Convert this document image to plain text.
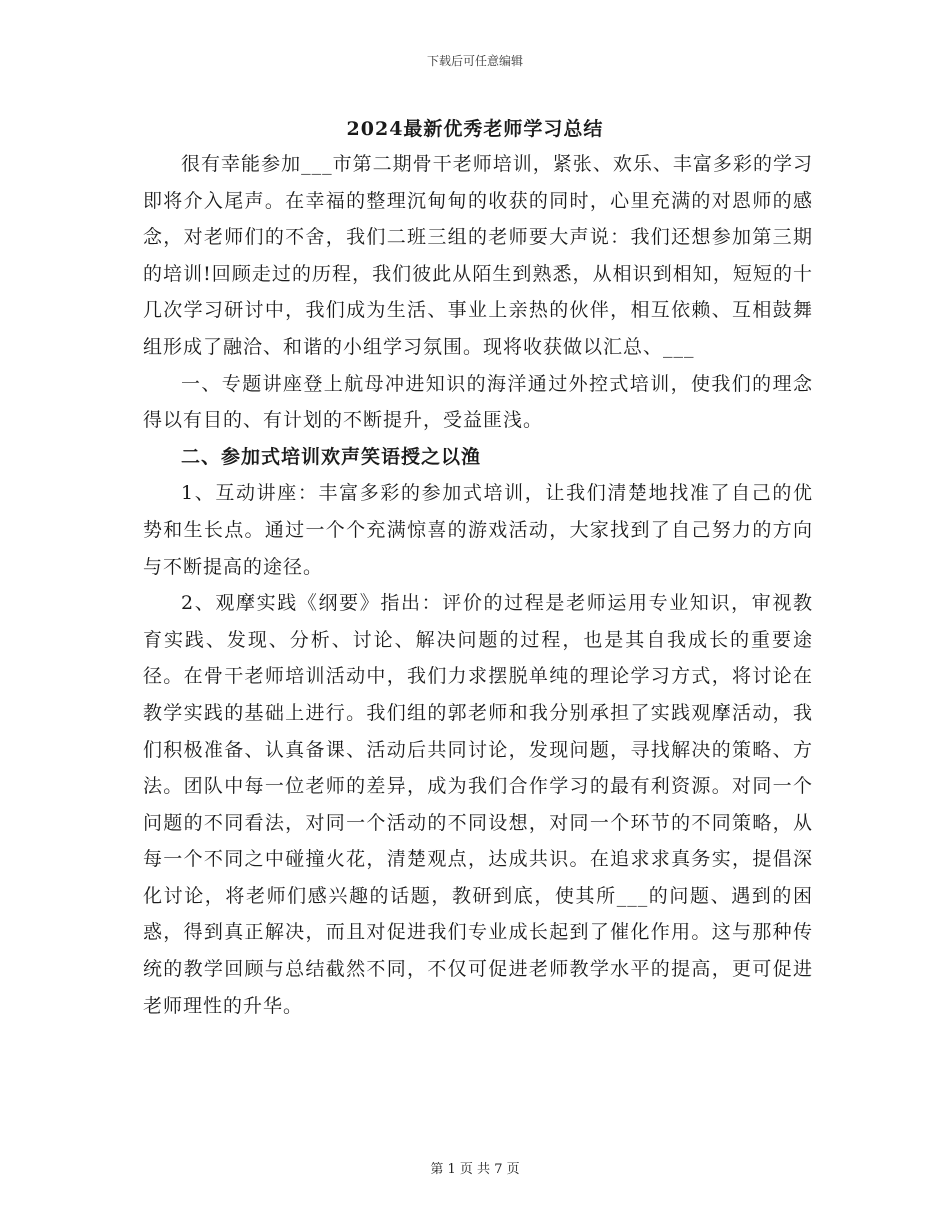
下载后可任意编辑
2024最新优秀老师学习总结

很有幸能参加___市第二期骨干老师培训，紧张、欢乐、丰富多彩的学习即将介入尾声。在幸福的整理沉甸甸的收获的同时，心里充满的对恩师的感念，对老师们的不舍，我们二班三组的老师要大声说：我们还想参加第三期的培训!回顾走过的历程，我们彼此从陌生到熟悉，从相识到相知，短短的十几次学习研讨中，我们成为生活、事业上亲热的伙伴，相互依赖、互相鼓舞组形成了融洽、和谐的小组学习氛围。现将收获做以汇总、___

一、专题讲座登上航母冲进知识的海洋通过外控式培训，使我们的理念得以有目的、有计划的不断提升，受益匪浅。

二、参加式培训欢声笑语授之以渔

1、互动讲座：丰富多彩的参加式培训，让我们清楚地找准了自己的优势和生长点。通过一个个充满惊喜的游戏活动，大家找到了自己努力的方向与不断提高的途径。

2、观摩实践《纲要》指出：评价的过程是老师运用专业知识，审视教育实践、发现、分析、讨论、解决问题的过程，也是其自我成长的重要途径。在骨干老师培训活动中，我们力求摆脱单纯的理论学习方式，将讨论在教学实践的基础上进行。我们组的郭老师和我分别承担了实践观摩活动，我们积极准备、认真备课、活动后共同讨论，发现问题，寻找解决的策略、方法。团队中每一位老师的差异，成为我们合作学习的最有利资源。对同一个问题的不同看法，对同一个活动的不同设想，对同一个环节的不同策略，从每一个不同之中碰撞火花，清楚观点，达成共识。在追求求真务实，提倡深化讨论，将老师们感兴趣的话题，教研到底，使其所___的问题、遇到的困惑，得到真正解决，而且对促进我们专业成长起到了催化作用。这与那种传统的教学回顾与总结截然不同，不仅可促进老师教学水平的提高，更可促进老师理性的升华。

第 1 页 共 7 页
